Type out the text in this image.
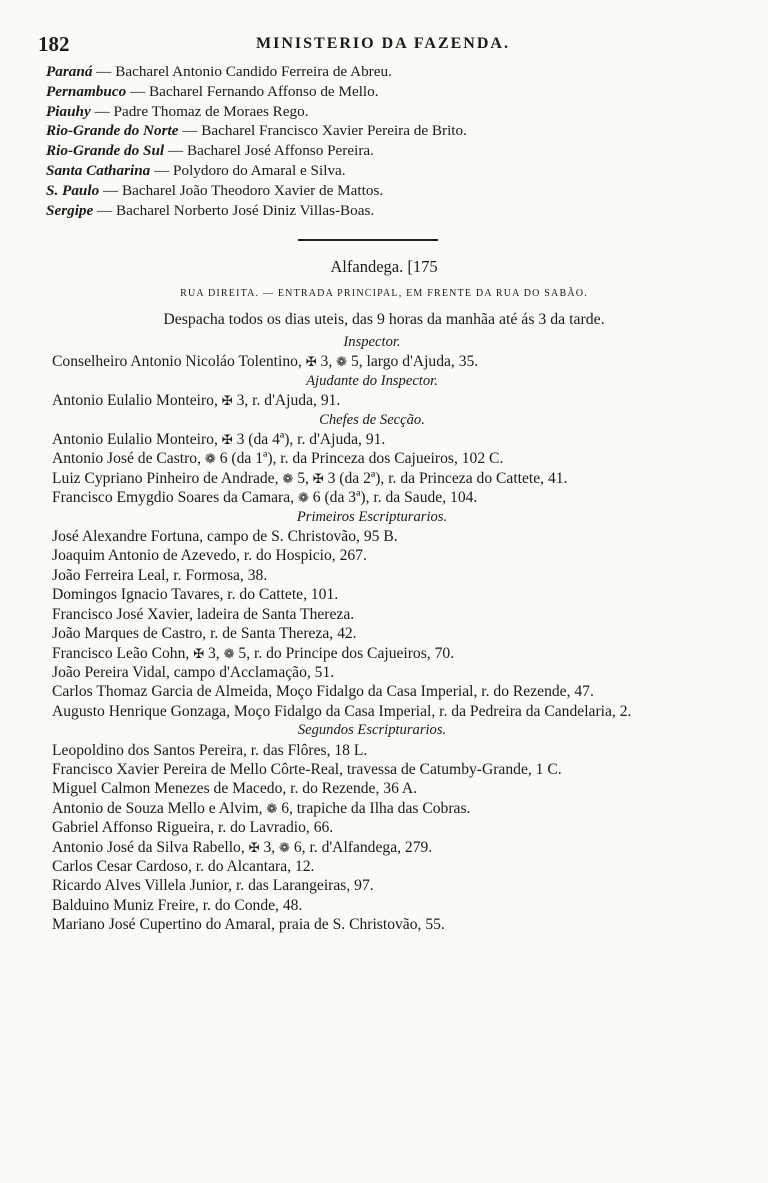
182	MINISTERIO DA FAZENDA.
Paraná — Bacharel Antonio Candido Ferreira de Abreu.
Pernambuco — Bacharel Fernando Affonso de Mello.
Piauhy — Padre Thomaz de Moraes Rego.
Rio-Grande do Norte — Bacharel Francisco Xavier Pereira de Brito.
Rio-Grande do Sul — Bacharel José Affonso Pereira.
Santa Catharina — Polydoro do Amaral e Silva.
S. Paulo — Bacharel João Theodoro Xavier de Mattos.
Sergipe — Bacharel Norberto José Diniz Villas-Boas.
Alfandega. [175
RUA DIREITA. — ENTRADA PRINCIPAL, EM FRENTE DA RUA DO SABÃO.
Despacha todos os dias uteis, das 9 horas da manhãa até ás 3 da tarde.
Inspector.
Conselheiro Antonio Nicoláo Tolentino, ✠ 3, ❁ 5, largo d'Ajuda, 35.
Ajudante do Inspector.
Antonio Eulalio Monteiro, ✠ 3, r. d'Ajuda, 91.
Chefes de Secção.
Antonio Eulalio Monteiro, ✠ 3 (da 4ª), r. d'Ajuda, 91.
Antonio José de Castro, ❁ 6 (da 1ª), r. da Princeza dos Cajueiros, 102 C.
Luiz Cypriano Pinheiro de Andrade, ❁ 5, ✠ 3 (da 2ª), r. da Princeza do Cattete, 41.
Francisco Emygdio Soares da Camara, ❁ 6 (da 3ª), r. da Saude, 104.
Primeiros Escripturarios.
José Alexandre Fortuna, campo de S. Christovão, 95 B.
Joaquim Antonio de Azevedo, r. do Hospicio, 267.
João Ferreira Leal, r. Formosa, 38.
Domingos Ignacio Tavares, r. do Cattete, 101.
Francisco José Xavier, ladeira de Santa Thereza.
João Marques de Castro, r. de Santa Thereza, 42.
Francisco Leão Cohn, ✠ 3, ❁ 5, r. do Principe dos Cajueiros, 70.
João Pereira Vidal, campo d'Acclamação, 51.
Carlos Thomaz Garcia de Almeida, Moço Fidalgo da Casa Imperial, r. do Rezende, 47.
Augusto Henrique Gonzaga, Moço Fidalgo da Casa Imperial, r. da Pedreira da Candelaria, 2.
Segundos Escripturarios.
Leopoldino dos Santos Pereira, r. das Flôres, 18 L.
Francisco Xavier Pereira de Mello Côrte-Real, travessa de Catumby-Grande, 1 C.
Miguel Calmon Menezes de Macedo, r. do Rezende, 36 A.
Antonio de Souza Mello e Alvim, ❁ 6, trapiche da Ilha das Cobras.
Gabriel Affonso Rigueira, r. do Lavradio, 66.
Antonio José da Silva Rabello, ✠ 3, ❁ 6, r. d'Alfandega, 279.
Carlos Cesar Cardoso, r. do Alcantara, 12.
Ricardo Alves Villela Junior, r. das Larangeiras, 97.
Balduino Muniz Freire, r. do Conde, 48.
Mariano José Cupertino do Amaral, praia de S. Christovão, 55.
